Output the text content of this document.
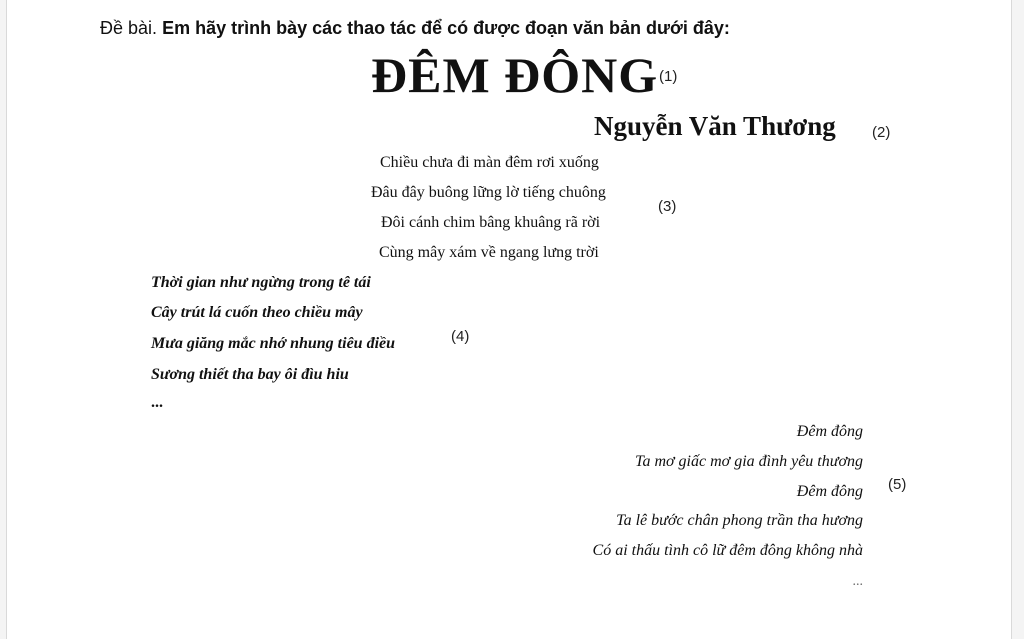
Đề bài. Em hãy trình bày các thao tác để có được đoạn văn bản dưới đây:
ĐÊM ĐÔNG (1)
Nguyễn Văn Thương (2)
Chiều chưa đi màn đêm rơi xuống
Đâu đây buông lững lờ tiếng chuông
Đôi cánh chim bâng khuâng rã rời
Cùng mây xám về ngang lưng trời
(3)
Thời gian như ngừng trong tê tái
Cây trút lá cuốn theo chiều mây
Mưa giăng mắc nhớ nhung tiêu điều
Sương thiết tha bay ôi đìu hiu
...
(4)
Đêm đông
Ta mơ giấc mơ gia đình yêu thương
Đêm đông
Ta lê bước chân phong trần tha hương
Có ai thấu tình cô lữ đêm đông không nhà
...
(5)
